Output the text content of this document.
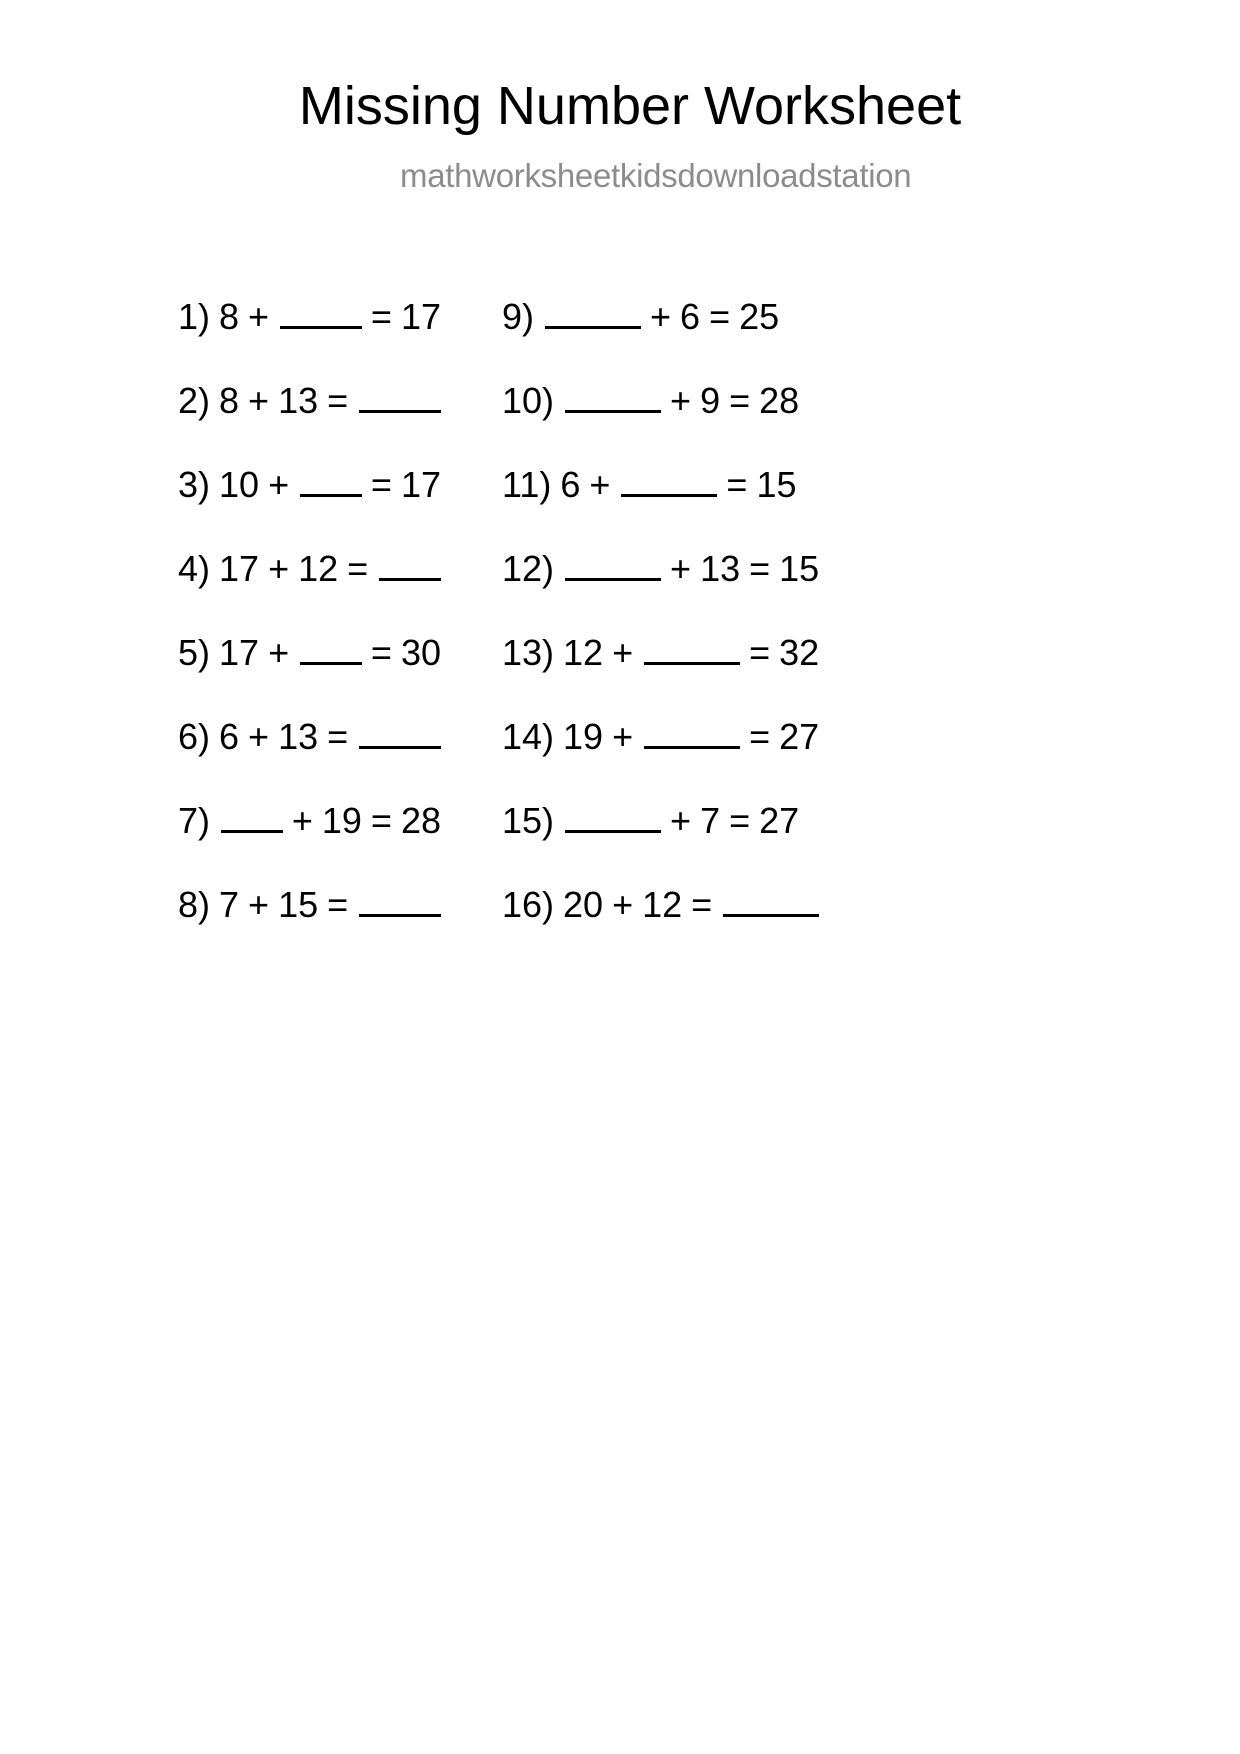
Missing Number Worksheet
mathworksheetkidsdownloadstation
1) 8 +	= 17
2) 8 + 13 =
3) 10 + = 17
4) 17 + 12 =
5) 17 + = 30
6) 6 + 13 =
7) + 19 = 28
8) 7 + 15 =
9)	+ 6 = 25
10)	+ 9 = 28
11) 6 +	= 15
12)	+ 13 = 15
13) 12 +	= 32
14) 19 +	= 27
15)	+ 7 = 27
16) 20 + 12 =
